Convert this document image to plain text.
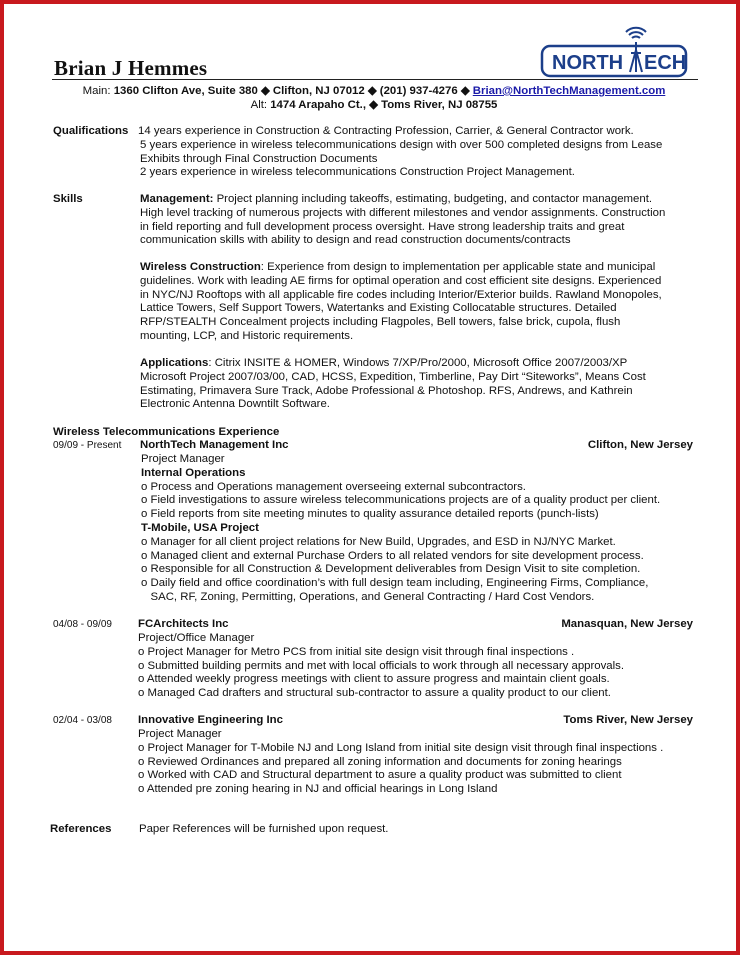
Brian J Hemmes	NORTH ECH
Main: 1360 Clifton Ave, Suite 380 ◆ Clifton, NJ 07012 ◆ (201) 937-4276 ◆ Brian@NorthTechManagement.com
Alt: 1474 Arapaho Ct., ◆ Toms River, NJ 08755
Qualifications 14 years experience in Construction & Contracting Profession, Carrier, & General Contractor work.
5 years experience in wireless telecommunications design with over 500 completed designs from Lease
Exhibits through Final Construction Documents
2 years experience in wireless telecommunications Construction Project Management.
Skills	Management: Project planning including takeoffs, estimating, budgeting, and contactor management.
High level tracking of numerous projects with different milestones and vendor assignments. Construction
in field reporting and full development process oversight. Have strong leadership traits and great
communication skills with ability to design and read construction documents/contracts
Wireless Construction: Experience from design to implementation per applicable state and municipal
guidelines. Work with leading AE firms for optimal operation and cost efficient site designs. Experienced
in NYC/NJ Rooftops with all applicable fire codes including Interior/Exterior builds. Rawland Monopoles,
Lattice Towers, Self Support Towers, Watertanks and Existing Collocatable structures. Detailed
RFP/STEALTH Concealment projects including Flagpoles, Bell towers, false brick, cupola, flush
mounting, LCP, and Historic requirements.
Applications: Citrix INSITE & HOMER, Windows 7/XP/Pro/2000, Microsoft Office 2007/2003/XP
Microsoft Project 2007/03/00, CAD, HCSS, Expedition, Timberline, Pay Dirt “Siteworks”, Means Cost
Estimating, Primavera Sure Track, Adobe Professional & Photoshop. RFS, Andrews, and Kathrein
Electronic Antenna Downtilt Software.
Wireless Telecommunications Experience
09/09 - Present NorthTech Management Inc	Clifton, New Jersey
Project Manager
Internal Operations
o Process and Operations management overseeing external subcontractors.
o Field investigations to assure wireless telecommunications projects are of a quality product per client.
o Field reports from site meeting minutes to quality assurance detailed reports (punch-lists)
T-Mobile, USA Project
o Manager for all client project relations for New Build, Upgrades, and ESD in NJ/NYC Market.
o Managed client and external Purchase Orders to all related vendors for site development process.
o Responsible for all Construction & Development deliverables from Design Visit to site completion.
o Daily field and office coordination’s with full design team including, Engineering Firms, Compliance,
SAC, RF, Zoning, Permitting, Operations, and General Contracting / Hard Cost Vendors.
04/08 - 09/09 FCArchitects Inc	Manasquan, New Jersey
Project/Office Manager
o Project Manager for Metro PCS from initial site design visit through final inspections .
o Submitted building permits and met with local officials to work through all necessary approvals.
o Attended weekly progress meetings with client to assure progress and maintain client goals.
o Managed Cad drafters and structural sub-contractor to assure a quality product to our client.
02/04 - 03/08 Innovative Engineering Inc	Toms River, New Jersey
Project Manager
o Project Manager for T-Mobile NJ and Long Island from initial site design visit through final inspections .
o Reviewed Ordinances and prepared all zoning information and documents for zoning hearings
o Worked with CAD and Structural department to asure a quality product was submitted to client
o Attended pre zoning hearing in NJ and official hearings in Long Island
References Paper References will be furnished upon request.
